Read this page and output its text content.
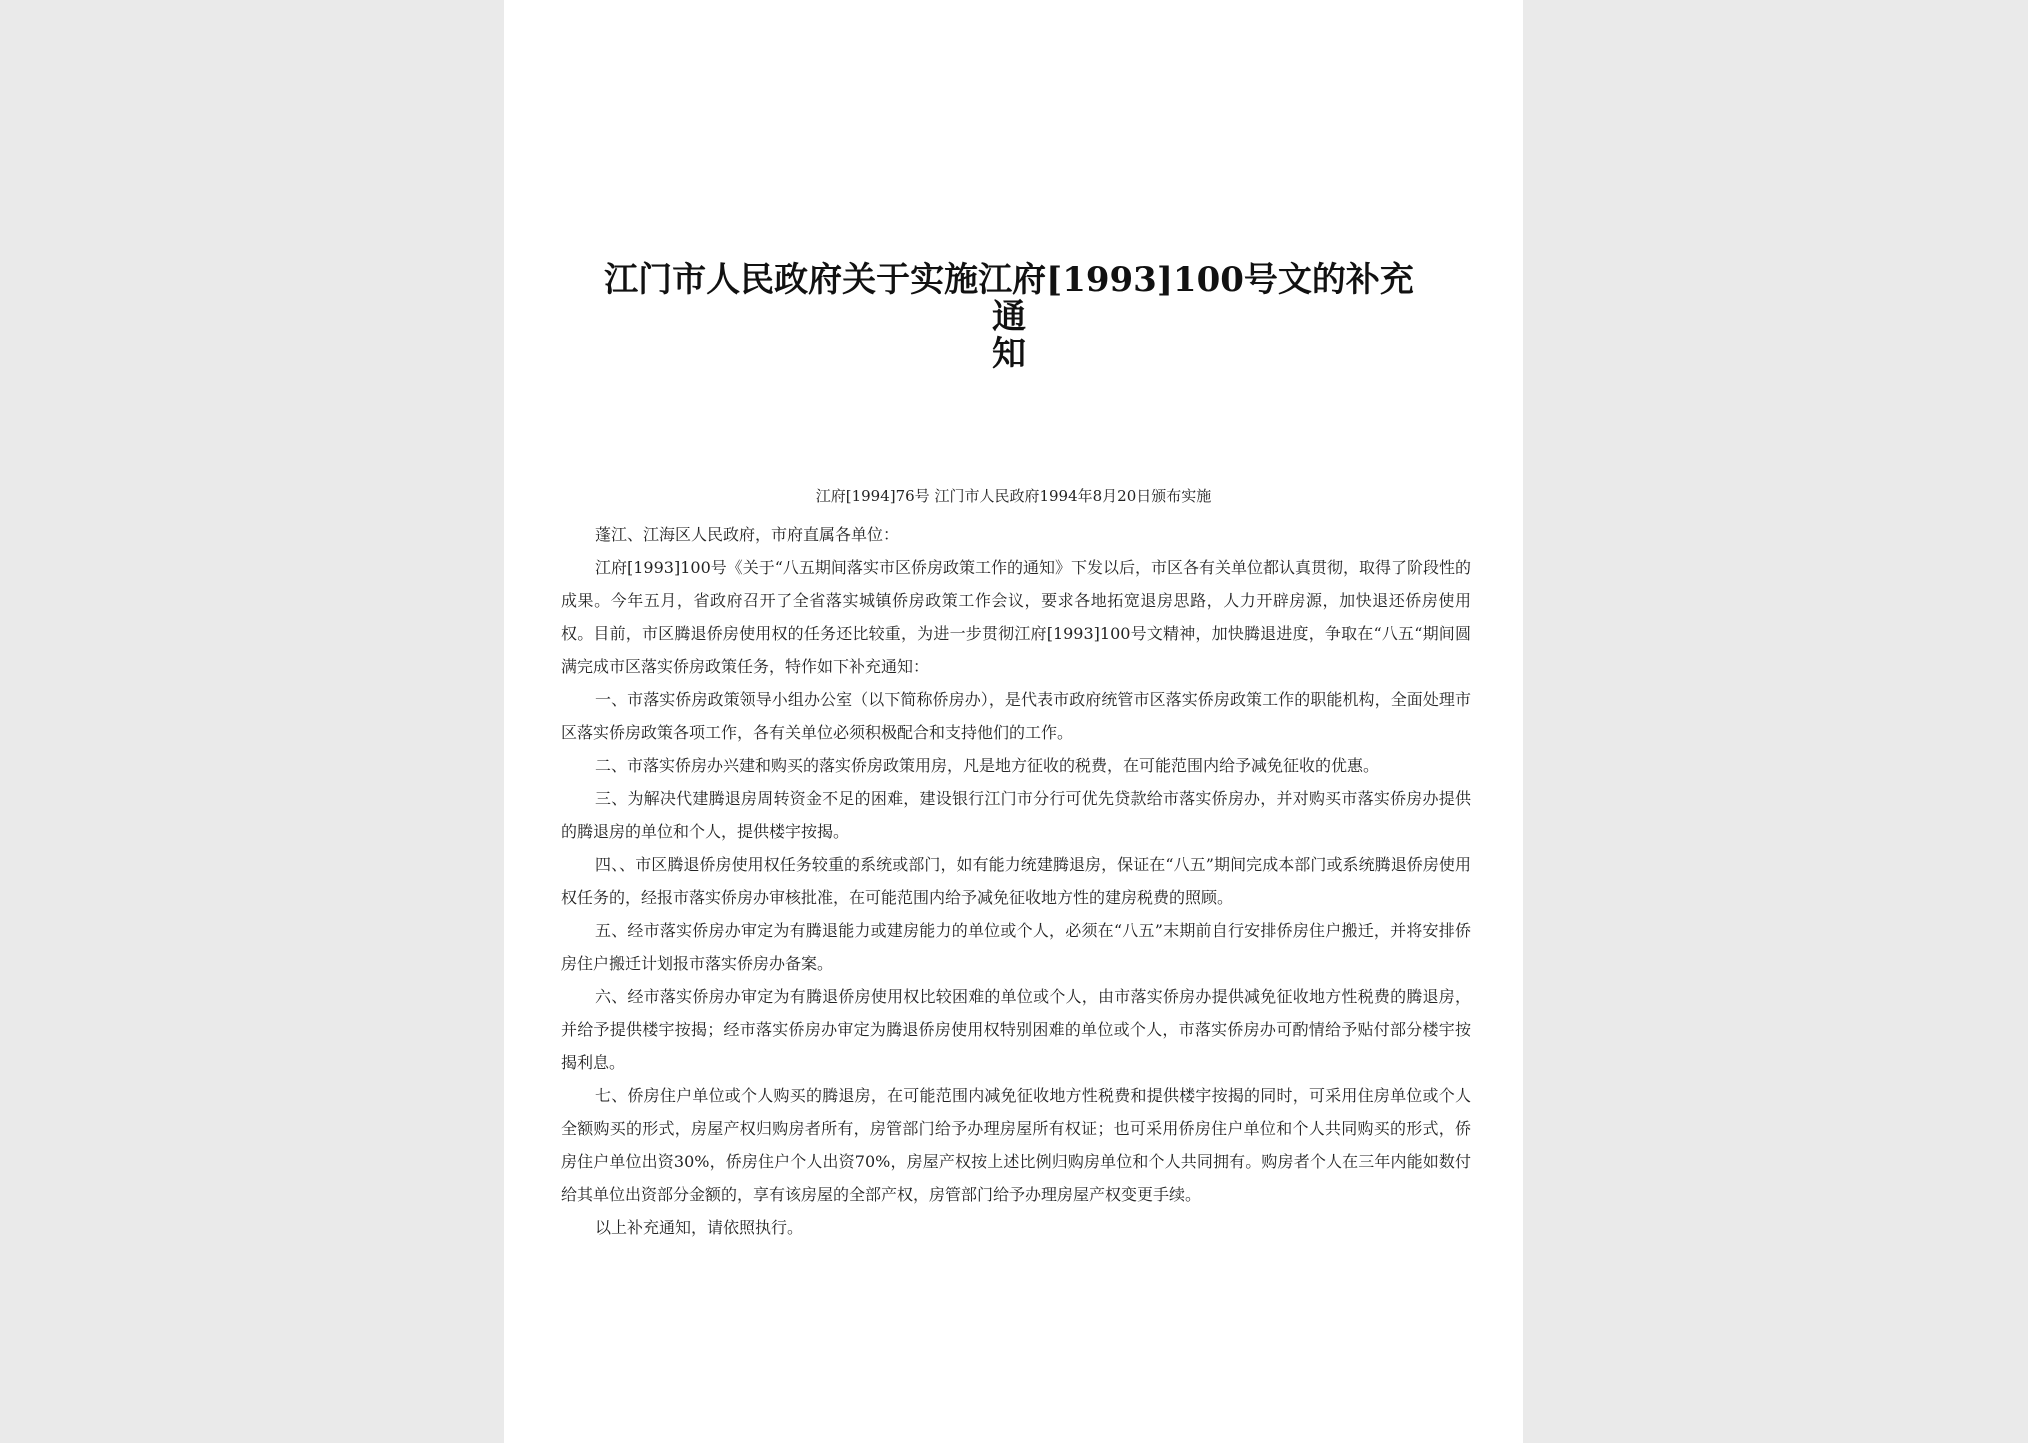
江门市人民政府关于实施江府[1993]100号文的补充通
知
江府[1994]76号 江门市人民政府1994年8月20日颁布实施

蓬江、江海区人民政府，市府直属各单位：

江府[1993]100号《关于“八五期间落实市区侨房政策工作的通知》下发以后，市区各有关单位都认真贯彻，取得了阶段性的成果。今年五月，省政府召开了全省落实城镇侨房政策工作会议，要求各地拓宽退房思路，人力开辟房源，加快退还侨房使用权。目前，市区腾退侨房使用权的任务还比较重，为进一步贯彻江府[1993]100号文精神，加快腾退进度，争取在“八五“期间圆满完成市区落实侨房政策任务，特作如下补充通知：

一、市落实侨房政策领导小组办公室（以下简称侨房办），是代表市政府统管市区落实侨房政策工作的职能机构，全面处理市区落实侨房政策各项工作，各有关单位必须积极配合和支持他们的工作。

二、市落实侨房办兴建和购买的落实侨房政策用房，凡是地方征收的税费，在可能范围内给予减免征收的优惠。

三、为解决代建腾退房周转资金不足的困难，建设银行江门市分行可优先贷款给市落实侨房办，并对购买市落实侨房办提供的腾退房的单位和个人，提供楼宇按揭。

四、、市区腾退侨房使用权任务较重的系统或部门，如有能力统建腾退房，保证在“八五”期间完成本部门或系统腾退侨房使用权任务的，经报市落实侨房办审核批准，在可能范围内给予减免征收地方性的建房税费的照顾。

五、经市落实侨房办审定为有腾退能力或建房能力的单位或个人，必须在“八五”末期前自行安排侨房住户搬迁，并将安排侨房住户搬迁计划报市落实侨房办备案。

六、经市落实侨房办审定为有腾退侨房使用权比较困难的单位或个人，由市落实侨房办提供减免征收地方性税费的腾退房，并给予提供楼宇按揭；经市落实侨房办审定为腾退侨房使用权特别困难的单位或个人，市落实侨房办可酌情给予贴付部分楼宇按揭利息。

七、侨房住户单位或个人购买的腾退房，在可能范围内减免征收地方性税费和提供楼宇按揭的同时，可采用住房单位或个人全额购买的形式，房屋产权归购房者所有，房管部门给予办理房屋所有权证；也可采用侨房住户单位和个人共同购买的形式，侨房住户单位出资30%，侨房住户个人出资70%，房屋产权按上述比例归购房单位和个人共同拥有。购房者个人在三年内能如数付给其单位出资部分金额的，享有该房屋的全部产权，房管部门给予办理房屋产权变更手续。

以上补充通知，请依照执行。
